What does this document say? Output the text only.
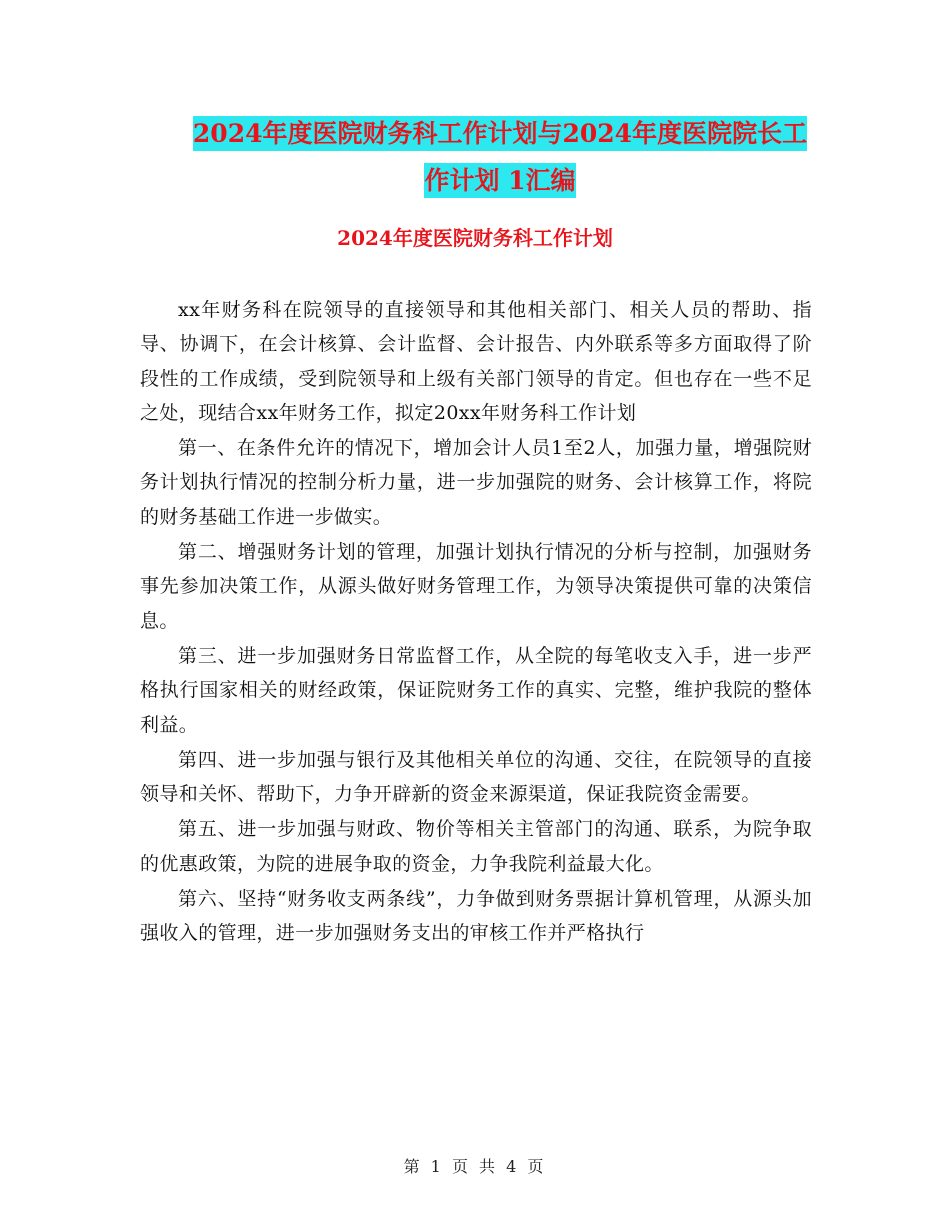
2024年度医院财务科工作计划与2024年度医院院长工
作计划 1汇编
2024年度医院财务科工作计划

xx年财务科在院领导的直接领导和其他相关部门、相关人员的帮助、指导、协调下，在会计核算、会计监督、会计报告、内外联系等多方面取得了阶段性的工作成绩，受到院领导和上级有关部门领导的肯定。但也存在一些不足之处，现结合xx年财务工作，拟定20xx年财务科工作计划

第一、在条件允许的情况下，增加会计人员1至2人，加强力量，增强院财务计划执行情况的控制分析力量，进一步加强院的财务、会计核算工作，将院的财务基础工作进一步做实。

第二、增强财务计划的管理，加强计划执行情况的分析与控制，加强财务事先参加决策工作，从源头做好财务管理工作，为领导决策提供可靠的决策信息。

第三、进一步加强财务日常监督工作，从全院的每笔收支入手，进一步严格执行国家相关的财经政策，保证院财务工作的真实、完整，维护我院的整体利益。

第四、进一步加强与银行及其他相关单位的沟通、交往，在院领导的直接领导和关怀、帮助下，力争开辟新的资金来源渠道，保证我院资金需要。

第五、进一步加强与财政、物价等相关主管部门的沟通、联系，为院争取的优惠政策，为院的进展争取的资金，力争我院利益最大化。

第六、坚持“财务收支两条线”，力争做到财务票据计算机管理，从源头加强收入的管理，进一步加强财务支出的审核工作并严格执行

第 1 页 共 4 页
